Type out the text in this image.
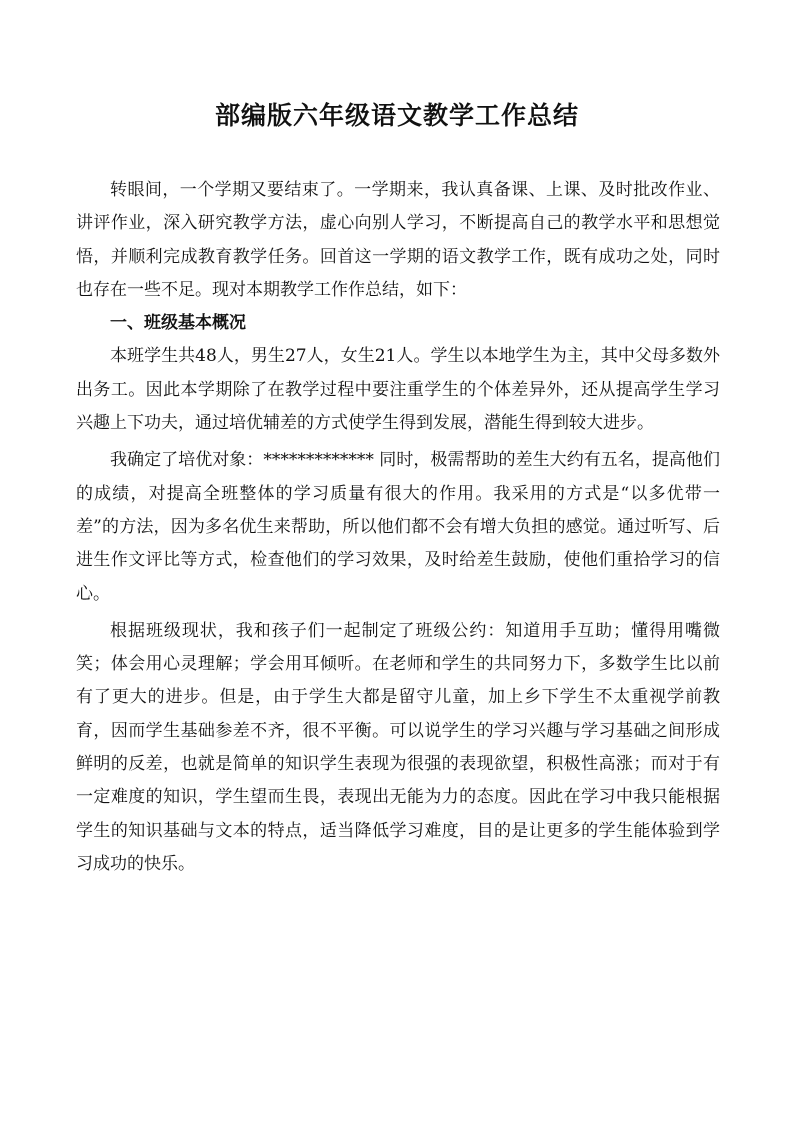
部编版六年级语文教学工作总结

转眼间，一个学期又要结束了。一学期来，我认真备课、上课、及时批改作业、讲评作业，深入研究教学方法，虚心向别人学习，不断提高自己的教学水平和思想觉悟，并顺利完成教育教学任务。回首这一学期的语文教学工作，既有成功之处，同时也存在一些不足。现对本期教学工作作总结，如下：

一、班级基本概况

本班学生共48人，男生27人，女生21人。学生以本地学生为主，其中父母多数外出务工。因此本学期除了在教学过程中要注重学生的个体差异外，还从提高学生学习兴趣上下功夫，通过培优辅差的方式使学生得到发展，潜能生得到较大进步。

我确定了培优对象：************* 同时，极需帮助的差生大约有五名，提高他们的成绩，对提高全班整体的学习质量有很大的作用。我采用的方式是“以多优带一差”的方法，因为多名优生来帮助，所以他们都不会有增大负担的感觉。通过听写、后进生作文评比等方式，检查他们的学习效果，及时给差生鼓励，使他们重拾学习的信心。

根据班级现状，我和孩子们一起制定了班级公约：知道用手互助；懂得用嘴微笑；体会用心灵理解；学会用耳倾听。在老师和学生的共同努力下，多数学生比以前有了更大的进步。但是，由于学生大都是留守儿童，加上乡下学生不太重视学前教育，因而学生基础参差不齐，很不平衡。可以说学生的学习兴趣与学习基础之间形成鲜明的反差，也就是简单的知识学生表现为很强的表现欲望，积极性高涨；而对于有一定难度的知识，学生望而生畏，表现出无能为力的态度。因此在学习中我只能根据学生的知识基础与文本的特点，适当降低学习难度，目的是让更多的学生能体验到学习成功的快乐。
